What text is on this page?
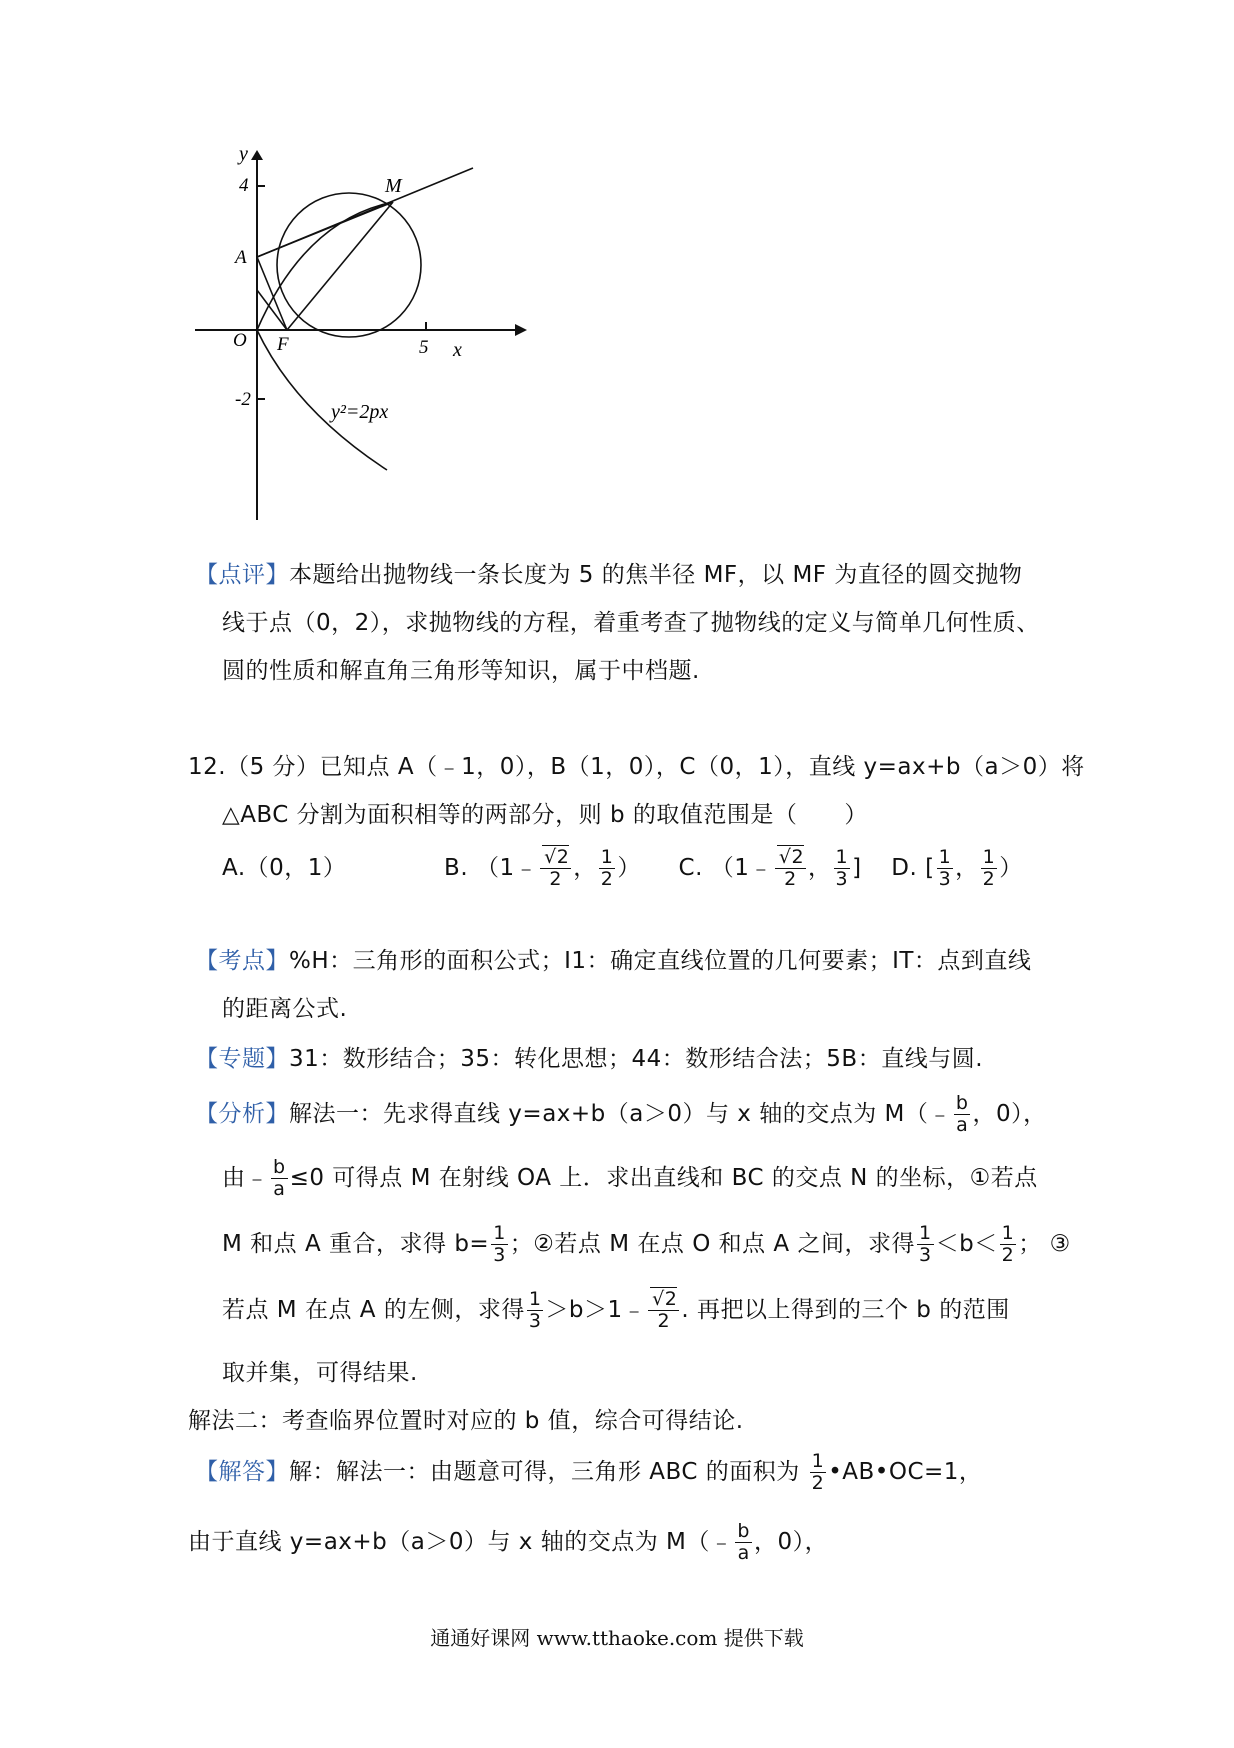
y
4
A
M
O F	5 x
-2
y²=2px
【点评】本题给出抛物线一条长度为 5 的焦半径 MF，以 MF 为直径的圆交抛物
线于点（0，2），求抛物线的方程，着重考查了抛物线的定义与简单几何性质、
圆的性质和解直角三角形等知识，属于中档题.
12.（5 分）已知点 A（﹣1，0），B（1，0），C（0，1），直线 y=ax+b（a＞0）将
△ABC 分割为面积相等的两部分，则 b 的取值范围是（　　）
A.（0，1）	B. （1﹣ $\frac{√2}{2}$ ， $\frac{1}{2}$ ） C. （1﹣ $\frac{√2}{2}$ ， $\frac{1}{3}$ ] D. [ $\frac{1}{3}$ ， $\frac{1}{2}$ ）
【考点】%H：三角形的面积公式；I1：确定直线位置的几何要素；IT：点到直线
的距离公式.
【专题】31：数形结合；35：转化思想；44：数形结合法；5B：直线与圆.
【分析】解法一：先求得直线 y=ax+b（a＞0）与 x 轴的交点为 M（﹣ $\frac{b}{a}$ ，0），
由﹣ $\frac{b}{a} \le 0$ 可得点 M 在射线 OA 上．求出直线和 BC 的交点 N 的坐标，①若点
M 和点 A 重合，求得 $b= \frac{1}{3}$ ；②若点 M 在点 O 和点 A 之间，求得 $\frac{1}{3} <b< \frac{1}{2}$ ； ③
若点 M 在点 A 的左侧，求得 $\frac{1}{3}$ ＞b＞1﹣ $\frac{√2}{2}$ . 再把以上得到的三个 b 的范围
取并集，可得结果.
解法二：考查临界位置时对应的 b 值，综合可得结论.
【解答】解：解法一：由题意可得，三角形 ABC 的面积为 $\frac{1}{2}$ •AB•OC=1，
由于直线 y=ax+b（a＞0）与 x 轴的交点为 M（﹣ $\frac{b}{a}$ ，0），
通通好课网 www.tthaoke.com 提供下载
